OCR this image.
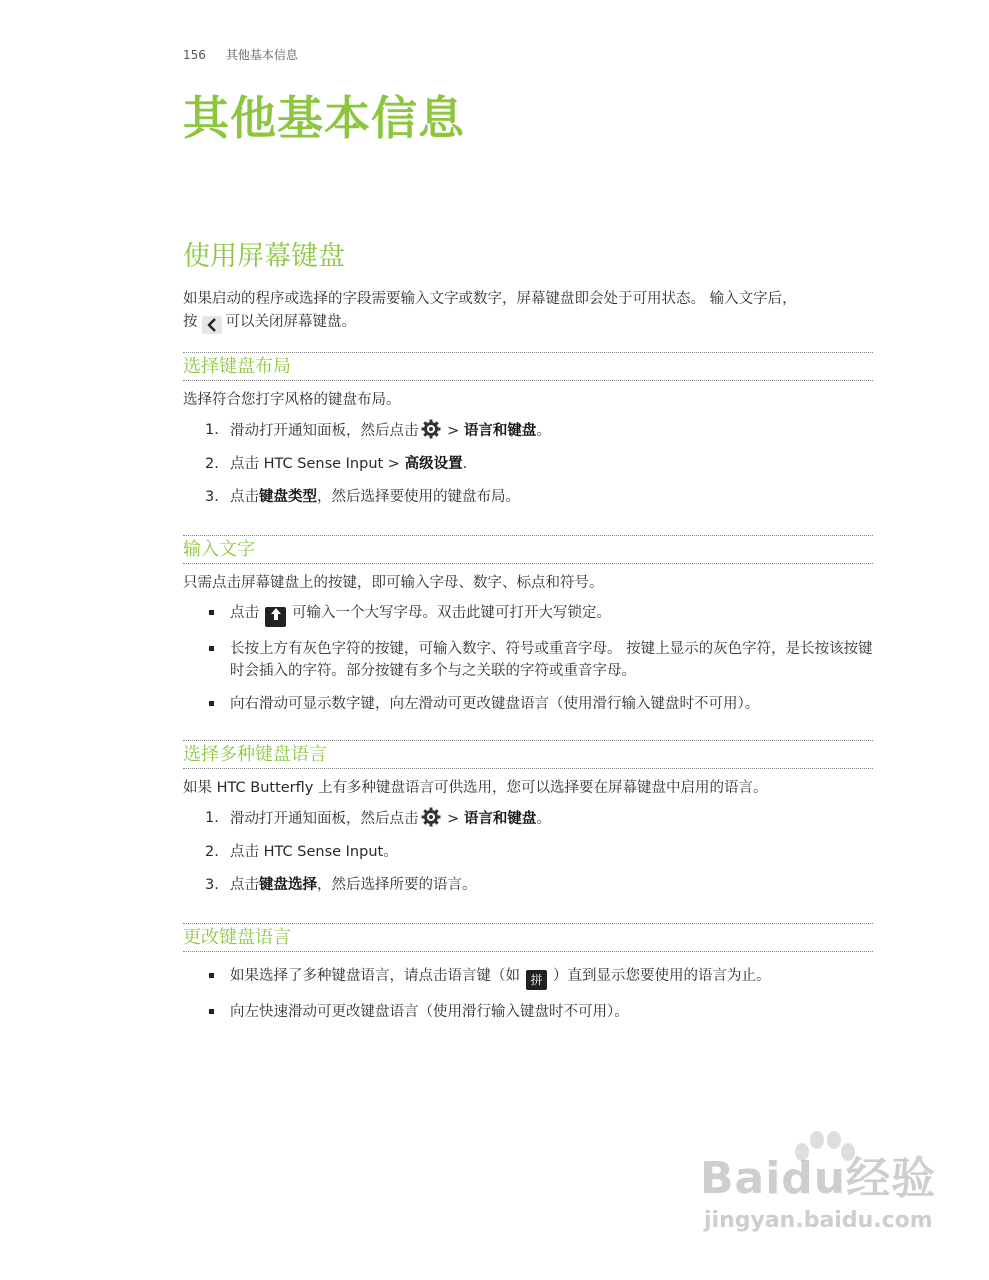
156 其他基本信息
其他基本信息
使用屏幕键盘
如果启动的程序或选择的字段需要输入文字或数字，屏幕键盘即会处于可用状态。 输入文字后，
按 可以关闭屏幕键盘。
选择键盘布局
选择符合您打字风格的键盘布局。
1. 滑动打开通知面板，然后点击 > 语言和键盘。
2. 点击 HTC Sense Input > 高级设置.
3. 点击键盘类型，然后选择要使用的键盘布局。
输入文字
只需点击屏幕键盘上的按键，即可输入字母、数字、标点和符号。
点击 可输入一个大写字母。双击此键可打开大写锁定。
长按上方有灰色字符的按键，可输入数字、符号或重音字母。 按键上显示的灰色字符，是长按该按键时会插入的字符。部分按键有多个与之关联的字符或重音字母。
向右滑动可显示数字键，向左滑动可更改键盘语言（使用滑行输入键盘时不可用）。
选择多种键盘语言
如果 HTC Butterfly 上有多种键盘语言可供选用，您可以选择要在屏幕键盘中启用的语言。
1. 滑动打开通知面板，然后点击 > 语言和键盘。
2. 点击 HTC Sense Input。
3. 点击键盘选择，然后选择所要的语言。
更改键盘语言
如果选择了多种键盘语言，请点击语言键（如 拼 ）直到显示您要使用的语言为止。
向左快速滑动可更改键盘语言（使用滑行输入键盘时不可用）。
Baidu经验
jingyan.baidu.com
